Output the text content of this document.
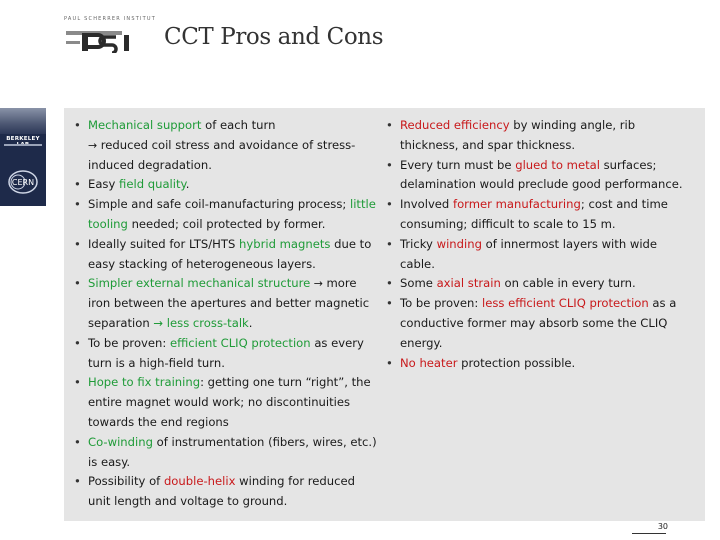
PAUL SCHERRER INSTITUT
CCT Pros and Cons
BERKELEY
CERN
• Mechanical support of each turn
→ reduced coil stress and avoidance of stress-induced degradation.
• Easy field quality.
• Simple and safe coil-manufacturing process; little tooling needed; coil protected by former.
• Ideally suited for LTS/HTS hybrid magnets due to easy stacking of heterogeneous layers.
• Simpler external mechanical structure → more iron between the apertures and better magnetic separation → less cross-talk.
• To be proven: efficient CLIQ protection as every turn is a high-field turn.
• Hope to fix training: getting one turn “right”, the entire magnet would work; no discontinuities towards the end regions
• Co-winding of instrumentation (fibers, wires, etc.) is easy.
• Possibility of double-helix winding for reduced unit length and voltage to ground.
• Reduced efficiency by winding angle, rib thickness, and spar thickness.
• Every turn must be glued to metal surfaces; delamination would preclude good performance.
• Involved former manufacturing; cost and time consuming; difficult to scale to 15 m.
• Tricky winding of innermost layers with wide cable.
• Some axial strain on cable in every turn.
• To be proven: less efficient CLIQ protection as a conductive former may absorb some the CLIQ energy.
• No heater protection possible.
30
